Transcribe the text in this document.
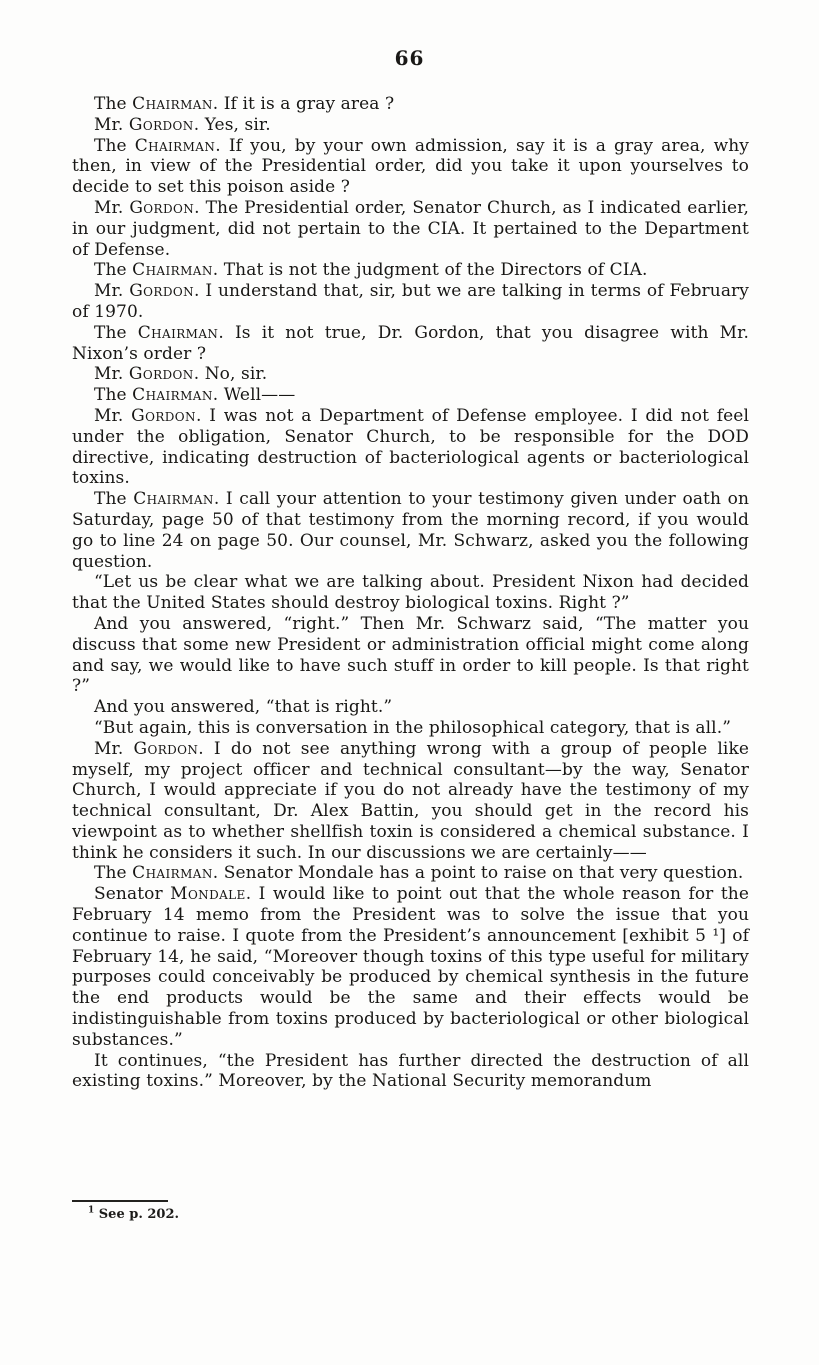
66

The Chairman. If it is a gray area ?

Mr. Gordon. Yes, sir.

The Chairman. If you, by your own admission, say it is a gray area, why then, in view of the Presidential order, did you take it upon yourselves to decide to set this poison aside ?

Mr. Gordon. The Presidential order, Senator Church, as I indicated earlier, in our judgment, did not pertain to the CIA. It pertained to the Department of Defense.

The Chairman. That is not the judgment of the Directors of CIA.

Mr. Gordon. I understand that, sir, but we are talking in terms of February of 1970.

The Chairman. Is it not true, Dr. Gordon, that you disagree with Mr. Nixon’s order ?

Mr. Gordon. No, sir.

The Chairman. Well——

Mr. Gordon. I was not a Department of Defense employee. I did not feel under the obligation, Senator Church, to be responsible for the DOD directive, indicating destruction of bacteriological agents or bacteriological toxins.

The Chairman. I call your attention to your testimony given under oath on Saturday, page 50 of that testimony from the morning record, if you would go to line 24 on page 50. Our counsel, Mr. Schwarz, asked you the following question.

“Let us be clear what we are talking about. President Nixon had decided that the United States should destroy biological toxins. Right ?”

And you answered, “right.” Then Mr. Schwarz said, “The matter you discuss that some new President or administration official might come along and say, we would like to have such stuff in order to kill people. Is that right ?”

And you answered, “that is right.”

“But again, this is conversation in the philosophical category, that is all.”

Mr. Gordon. I do not see anything wrong with a group of people like myself, my project officer and technical consultant—by the way, Senator Church, I would appreciate if you do not already have the testimony of my technical consultant, Dr. Alex Battin, you should get in the record his viewpoint as to whether shellfish toxin is considered a chemical substance. I think he considers it such. In our discussions we are certainly——

The Chairman. Senator Mondale has a point to raise on that very question.

Senator Mondale. I would like to point out that the whole reason for the February 14 memo from the President was to solve the issue that you continue to raise. I quote from the President’s announcement [exhibit 5 ¹] of February 14, he said, “Moreover though toxins of this type useful for military purposes could conceivably be produced by chemical synthesis in the future the end products would be the same and their effects would be indistinguishable from toxins produced by bacteriological or other biological substances.”

It continues, “the President has further directed the destruction of all existing toxins.” Moreover, by the National Security memorandum

$^1$ See p. 202.
